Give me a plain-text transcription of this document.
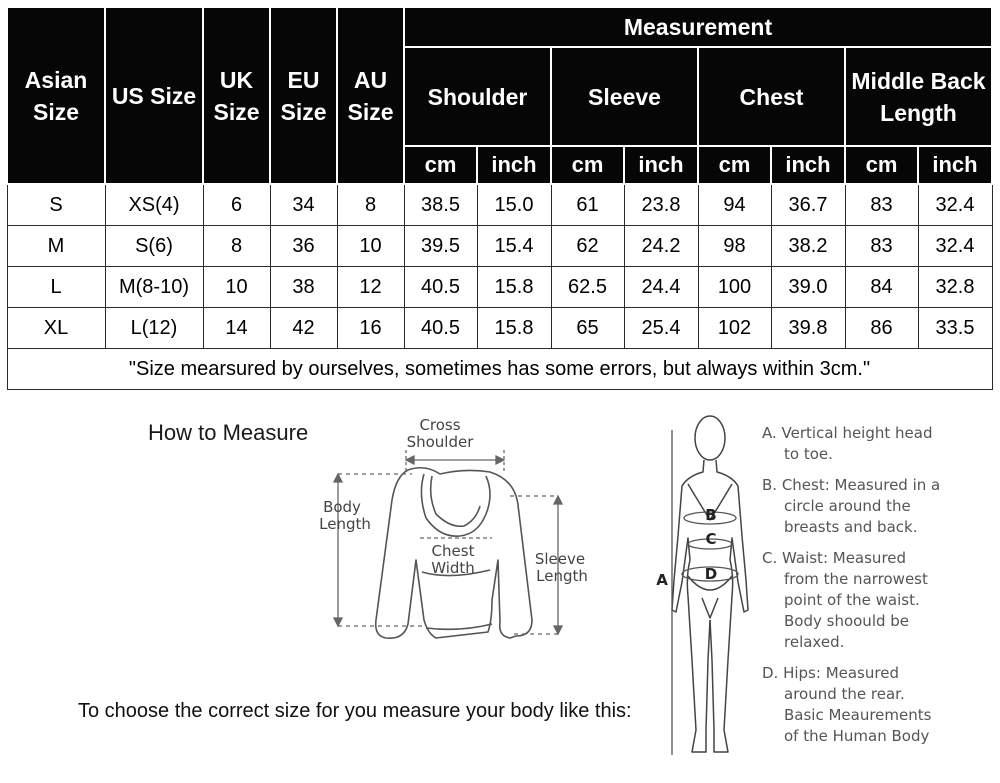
Asian Size	US Size	UK Size	EU Size	AU Size	Measurement							
					Shoulder		Sleeve		Chest		Middle Back Length	
					cm	inch	cm	inch	cm	inch	cm	inch
S	XS(4)	6	34	8	38.5	15.0	61	23.8	94	36.7	83	32.4
M	S(6)	8	36	10	39.5	15.4	62	24.2	98	38.2	83	32.4
L	M(8-10)	10	38	12	40.5	15.8	62.5	24.4	100	39.0	84	32.8
XL	L(12)	14	42	16	40.5	15.8	65	25.4	102	39.8	86	33.5
"Size mearsured by ourselves, sometimes has some errors, but always within 3cm."												
How to Measure
To choose the correct size for you measure your body like this:
Cross
Shoulder
Body
Length
Chest
Width	Sleeve
Length
B
C
D
A

A. Vertical height head
to toe.

B. Chest: Measured in a
circle around the
breasts and back.

C. Waist: Measured
from the narrowest
point of the waist.
Body shoould be
relaxed.

D. Hips: Measured
around the rear.
Basic Meaurements
of the Human Body
